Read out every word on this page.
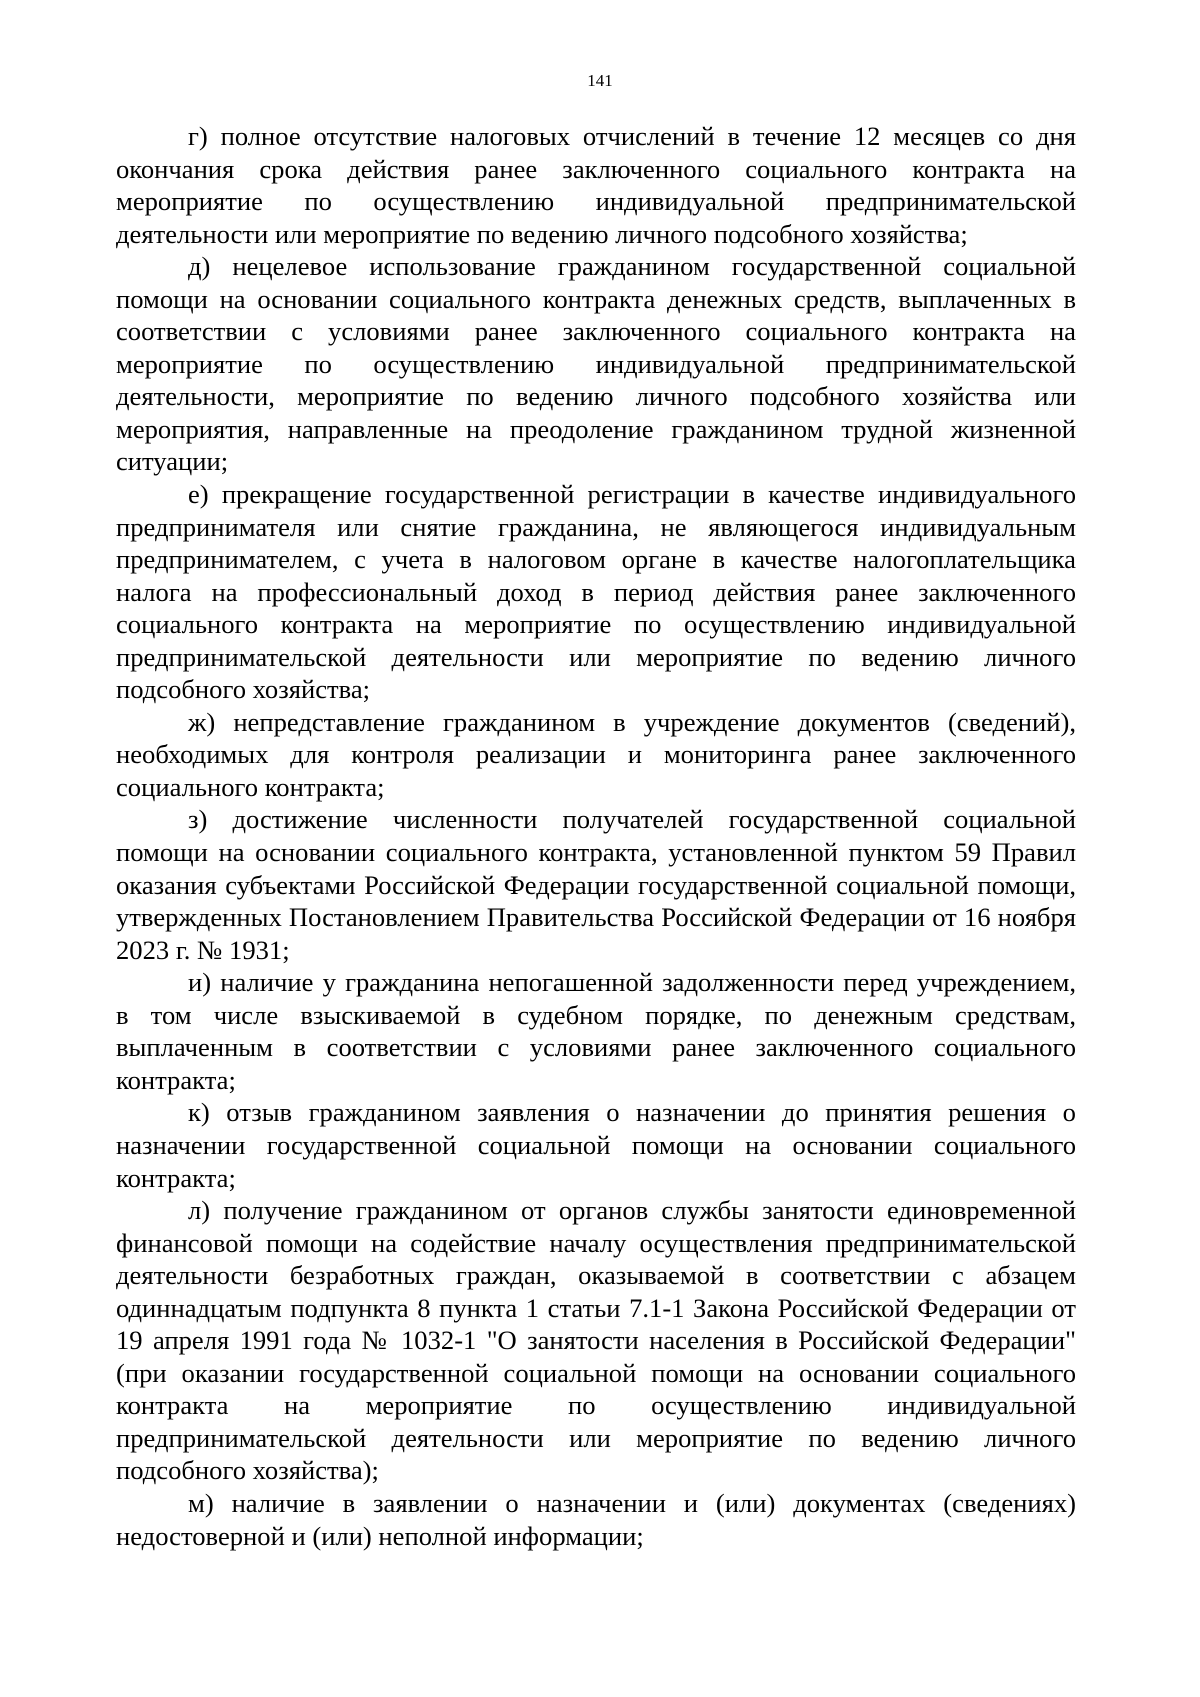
141

г) полное отсутствие налоговых отчислений в течение 12 месяцев со дня окончания срока действия ранее заключенного социального контракта на мероприятие по осуществлению индивидуальной предпринимательской деятельности или мероприятие по ведению личного подсобного хозяйства;

д) нецелевое использование гражданином государственной социальной помощи на основании социального контракта денежных средств, выплаченных в соответствии с условиями ранее заключенного социального контракта на мероприятие по осуществлению индивидуальной предпринимательской деятельности, мероприятие по ведению личного подсобного хозяйства или мероприятия, направленные на преодоление гражданином трудной жизненной ситуации;

е) прекращение государственной регистрации в качестве индивидуального предпринимателя или снятие гражданина, не являющегося индивидуальным предпринимателем, с учета в налоговом органе в качестве налогоплательщика налога на профессиональный доход в период действия ранее заключенного социального контракта на мероприятие по осуществлению индивидуальной предпринимательской деятельности или мероприятие по ведению личного подсобного хозяйства;

ж) непредставление гражданином в учреждение документов (сведений), необходимых для контроля реализации и мониторинга ранее заключенного социального контракта;

з) достижение численности получателей государственной социальной помощи на основании социального контракта, установленной пунктом 59 Правил оказания субъектами Российской Федерации государственной социальной помощи, утвержденных Постановлением Правительства Российской Федерации от 16 ноября 2023 г. № 1931;

и) наличие у гражданина непогашенной задолженности перед учреждением, в том числе взыскиваемой в судебном порядке, по денежным средствам, выплаченным в соответствии с условиями ранее заключенного социального контракта;

к) отзыв гражданином заявления о назначении до принятия решения о назначении государственной социальной помощи на основании социального контракта;

л) получение гражданином от органов службы занятости единовременной финансовой помощи на содействие началу осуществления предпринимательской деятельности безработных граждан, оказываемой в соответствии с абзацем одиннадцатым подпункта 8 пункта 1 статьи 7.1-1 Закона Российской Федерации от 19 апреля 1991 года № 1032-1 "О занятости населения в Российской Федерации" (при оказании государственной социальной помощи на основании социального контракта на мероприятие по осуществлению индивидуальной предпринимательской деятельности или мероприятие по ведению личного подсобного хозяйства);

м) наличие в заявлении о назначении и (или) документах (сведениях) недостоверной и (или) неполной информации;
